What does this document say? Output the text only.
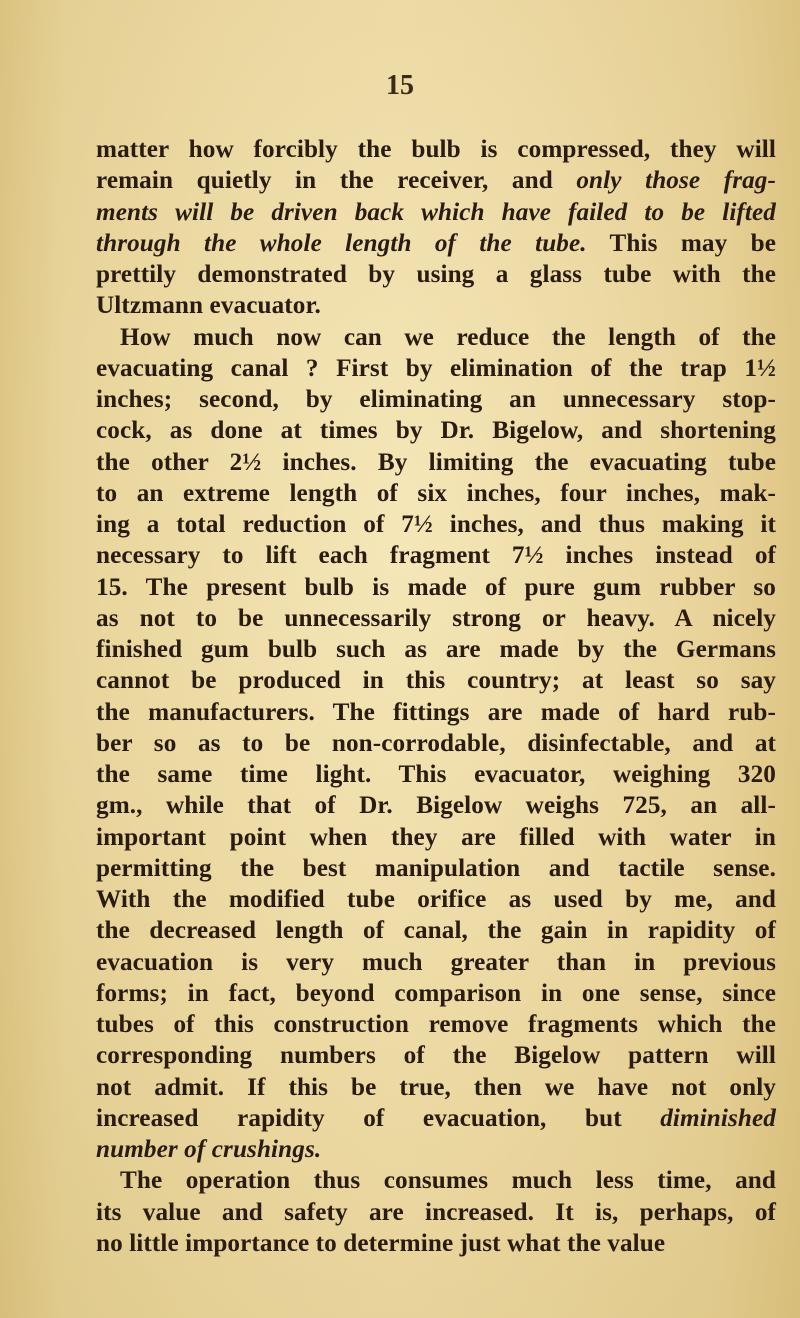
15
matter how forcibly the bulb is compressed, they will
remain quietly in the receiver, and only those frag-
ments will be driven back which have failed to be lifted
through the whole length of the tube. This may be
prettily demonstrated by using a glass tube with the
Ultzmann evacuator.
How much now can we reduce the length of the
evacuating canal ? First by elimination of the trap 1½
inches; second, by eliminating an unnecessary stop-
cock, as done at times by Dr. Bigelow, and shortening
the other 2½ inches. By limiting the evacuating tube
to an extreme length of six inches, four inches, mak-
ing a total reduction of 7½ inches, and thus making it
necessary to lift each fragment 7½ inches instead of
15. The present bulb is made of pure gum rubber so
as not to be unnecessarily strong or heavy. A nicely
finished gum bulb such as are made by the Germans
cannot be produced in this country; at least so say
the manufacturers. The fittings are made of hard rub-
ber so as to be non-corrodable, disinfectable, and at
the same time light. This evacuator, weighing 320
gm., while that of Dr. Bigelow weighs 725, an all-
important point when they are filled with water in
permitting the best manipulation and tactile sense.
With the modified tube orifice as used by me, and
the decreased length of canal, the gain in rapidity of
evacuation is very much greater than in previous
forms; in fact, beyond comparison in one sense, since
tubes of this construction remove fragments which the
corresponding numbers of the Bigelow pattern will
not admit. If this be true, then we have not only
increased rapidity of evacuation, but diminished
number of crushings.
The operation thus consumes much less time, and
its value and safety are increased. It is, perhaps, of
no little importance to determine just what the value
